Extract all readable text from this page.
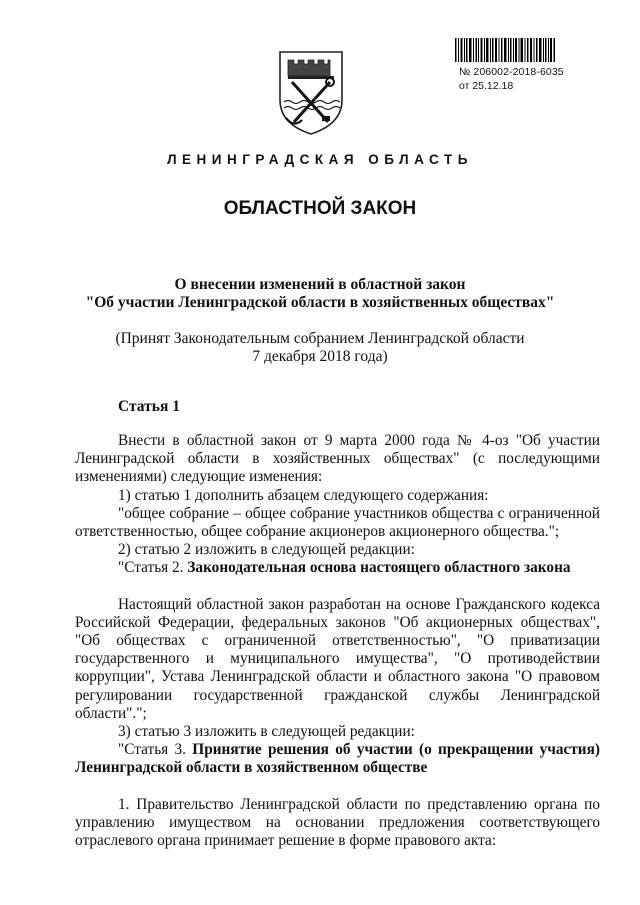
№ 206002-2018-6035
от 25.12.18
ЛЕНИНГРАДСКАЯ ОБЛАСТЬ
ОБЛАСТНОЙ ЗАКОН
О внесении изменений в областной закон
"Об участии Ленинградской области в хозяйственных обществах"
(Принят Законодательным собранием Ленинградской области
7 декабря 2018 года)
Статья 1

Внести в областной закон от 9 марта 2000 года № 4-оз "Об участии Ленинградской области в хозяйственных обществах" (с последующими изменениями) следующие изменения:

1) статью 1 дополнить абзацем следующего содержания:

"общее собрание – общее собрание участников общества с ограниченной ответственностью, общее собрание акционеров акционерного общества.";

2) статью 2 изложить в следующей редакции:

"Статья 2. Законодательная основа настоящего областного закона

Настоящий областной закон разработан на основе Гражданского кодекса Российской Федерации, федеральных законов "Об акционерных обществах", "Об обществах с ограниченной ответственностью", "О приватизации государственного и муниципального имущества", "О противодействии коррупции", Устава Ленинградской области и областного закона "О правовом регулировании государственной гражданской службы Ленинградской области".";

3) статью 3 изложить в следующей редакции:

"Статья 3. Принятие решения об участии (о прекращении участия) Ленинградской области в хозяйственном обществе

1. Правительство Ленинградской области по представлению органа по управлению имуществом на основании предложения соответствующего отраслевого органа принимает решение в форме правового акта:
